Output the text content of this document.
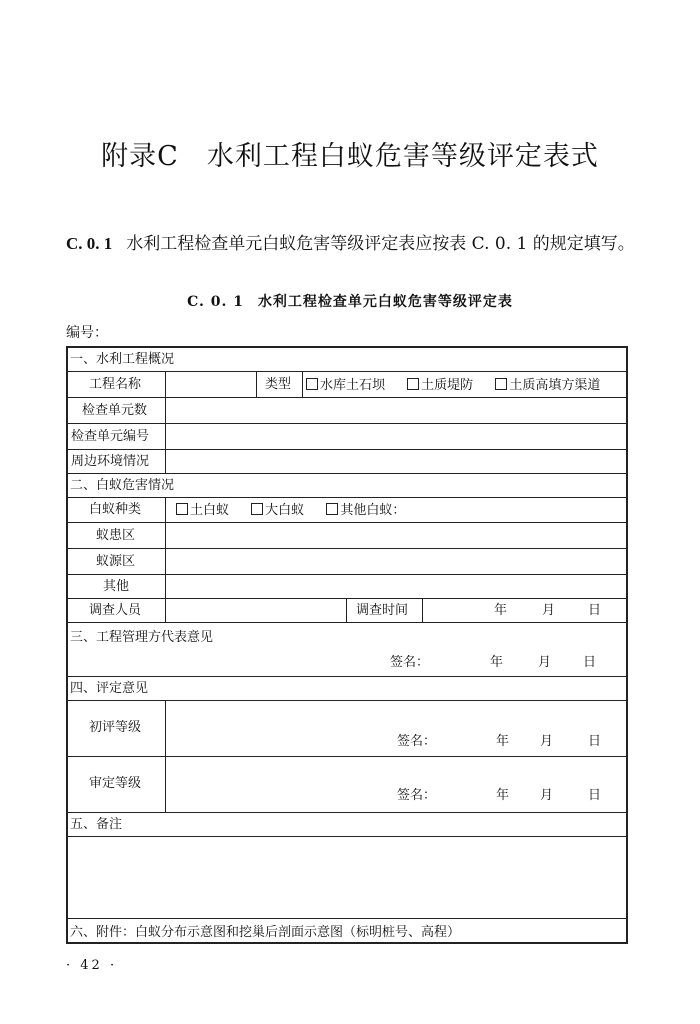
附录C　水利工程白蚁危害等级评定表式
C. 0. 1 水利工程检查单元白蚁危害等级评定表应按表 C. 0. 1 的规定填写。
C. 0. 1 水利工程检查单元白蚁危害等级评定表
编号：
一、水利工程概况
工程名称	类型	水库土石坝	土质堤防	土质高填方渠道
检查单元数
检查单元编号
周边环境情况
二、白蚁危害情况
白蚁种类	土白蚁	大白蚁	其他白蚁：
蚁患区
蚁源区
其他
调查人员	调查时间	年	月	日
三、工程管理方代表意见
签名：	年	月 日
四、评定意见
初评等级
签名：	年 月	日
审定等级
签名：	年 月	日
五、备注
六、附件：白蚁分布示意图和挖巢后剖面示意图（标明桩号、高程）
· 42 ·
